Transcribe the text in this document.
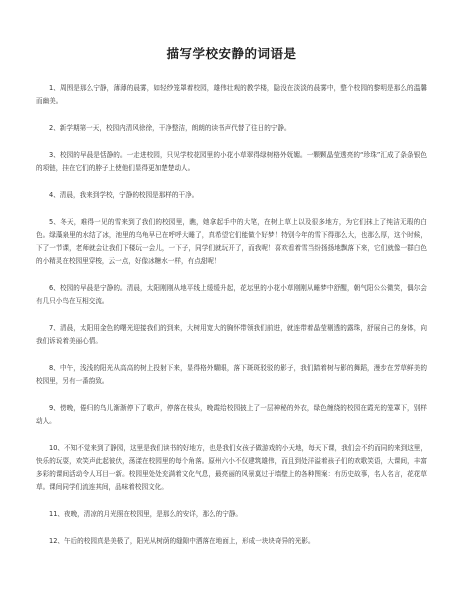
描写学校安静的词语是

1、周围是那么宁静，薄薄的晨雾，如轻纱笼罩着校园，雄伟壮观的教学楼，隐没在淡淡的晨雾中，整个校园的黎明是那么的温馨而幽美。

2、新学期第一天，校园内清风徐徐，干净整洁，朗朗的读书声代替了往日的宁静。

3、校园的早晨是恬静的。一走进校园，只见学校花园里的小花小草翠得绿树格外妩媚。一颗颗晶莹透亮的“珍珠”汇成了条条银色的项链，挂在它们的脖子上使他们显得更加楚楚动人。

4、清晨，我来到学校，宁静的校园是那样的干净。

5、冬天，难得一见的雪来到了我们的校园里，瞧，她拿起手中的大笔，在树上草上以及很多地方，为它们抹上了纯洁无瑕的白色。绿藻泉里的水结了冰，池里的乌龟早已在呼呼大睡了，真希望它们能做个好梦！特别今年的雪下得那么大，也那么厚，这个时候，下了一节课，老师就会让我们下楼玩一会儿，一下子，同学们就玩开了，而我呢！喜欢看着雪当纷扬扬地飘落下来，它们就像一群白色的小精灵在校园里穿梭，云一点，好像冰糖水一样，有点甜呢！

6、校园的早晨是宁静的。清晨，太阳刚刚从地平线上缓缓升起，花坛里的小花小草刚刚从睡梦中舒醒，朝气阳公公微笑，偶尔会有几只小鸟在互相交流。

7、清晨，太阳用金色的曙光迎接我们的到来，大树用宽大的胸怀带领我们前进，就连带着晶莹剔透的露珠，舒展自己的身体，向我们诉说着美丽心情。

8、中午，浅浅的阳光从高高的树上投射下来，显得格外耀眼，落下斑斑驳驳的影子，我们踏着树与影的舞蹈，漫步在芳草鲜美的校园里，另有一番韵致。

9、傍晚，倦归的鸟儿渐渐停下了歌声，停落在枝头，晚霞给校园披上了一层神秘的外衣，绿色缠绕的校园在霞光的笼罩下，别样动人。

10、不知不觉来到了静园，这里是我们读书的好地方，也是我们女孩子做游戏的小天地，每天下课，我们会不约而同的来到这里，快乐的玩耍，欢笑声此起彼伏，荡漾在校园里的每个角落。原州六小不仅建筑雄伟，而且到处洋溢着孩子们的欢歌笑语，大课间，丰富多彩的课间活动令人耳目一新。校园里处处充满着文化气息，最亮丽的风景莫过于墙壁上的各种图案：有历史故事，名人名言，花花草草。课间同学们流连其间，品味着校园文化。

11、夜晚，清凉的月光照在校园里，是那么的安详，那么的宁静。

12、午后的校园真是美极了，阳光从树荫的缝隙中洒落在地面上，形成一块块奇异的光影。
